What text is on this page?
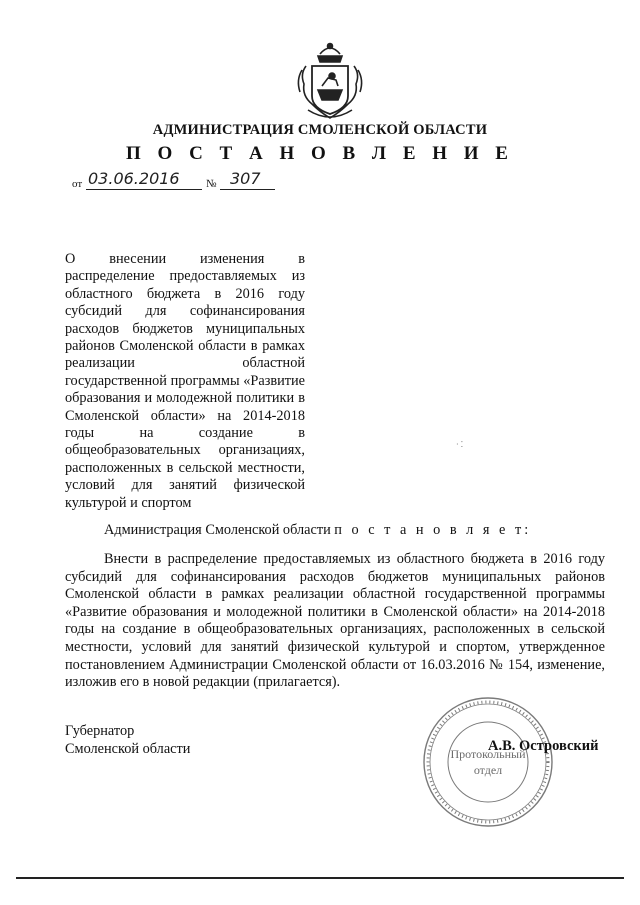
АДМИНИСТРАЦИЯ СМОЛЕНСКОЙ ОБЛАСТИ
П О С Т А Н О В Л Е Н И Е
от 03.06.2016 № 307
О внесении изменения в распределение предоставляемых из областного бюджета в 2016 году субсидий для софинансирования расходов бюджетов муниципальных районов Смоленской области в рамках реализации областной государственной программы «Развитие образования и молодежной политики в Смоленской области» на 2014-2018 годы на создание в общеобразовательных организациях, расположенных в сельской местности, условий для занятий физической культурой и спортом
· ⁚
Администрация Смоленской области п о с т а н о в л я е т:
Внести в распределение предоставляемых из областного бюджета в 2016 году субсидий для софинансирования расходов бюджетов муниципальных районов Смоленской области в рамках реализации областной государственной программы «Развитие образования и молодежной политики в Смоленской области» на 2014-2018 годы на создание в общеобразовательных организациях, расположенных в сельской местности, условий для занятий физической культурой и спортом, утвержденное постановлением Администрации Смоленской области от 16.03.2016 № 154, изменение, изложив его в новой редакции (прилагается).
Губернатор
Смоленской области	Протокольный
отдел
А.В. Островский
